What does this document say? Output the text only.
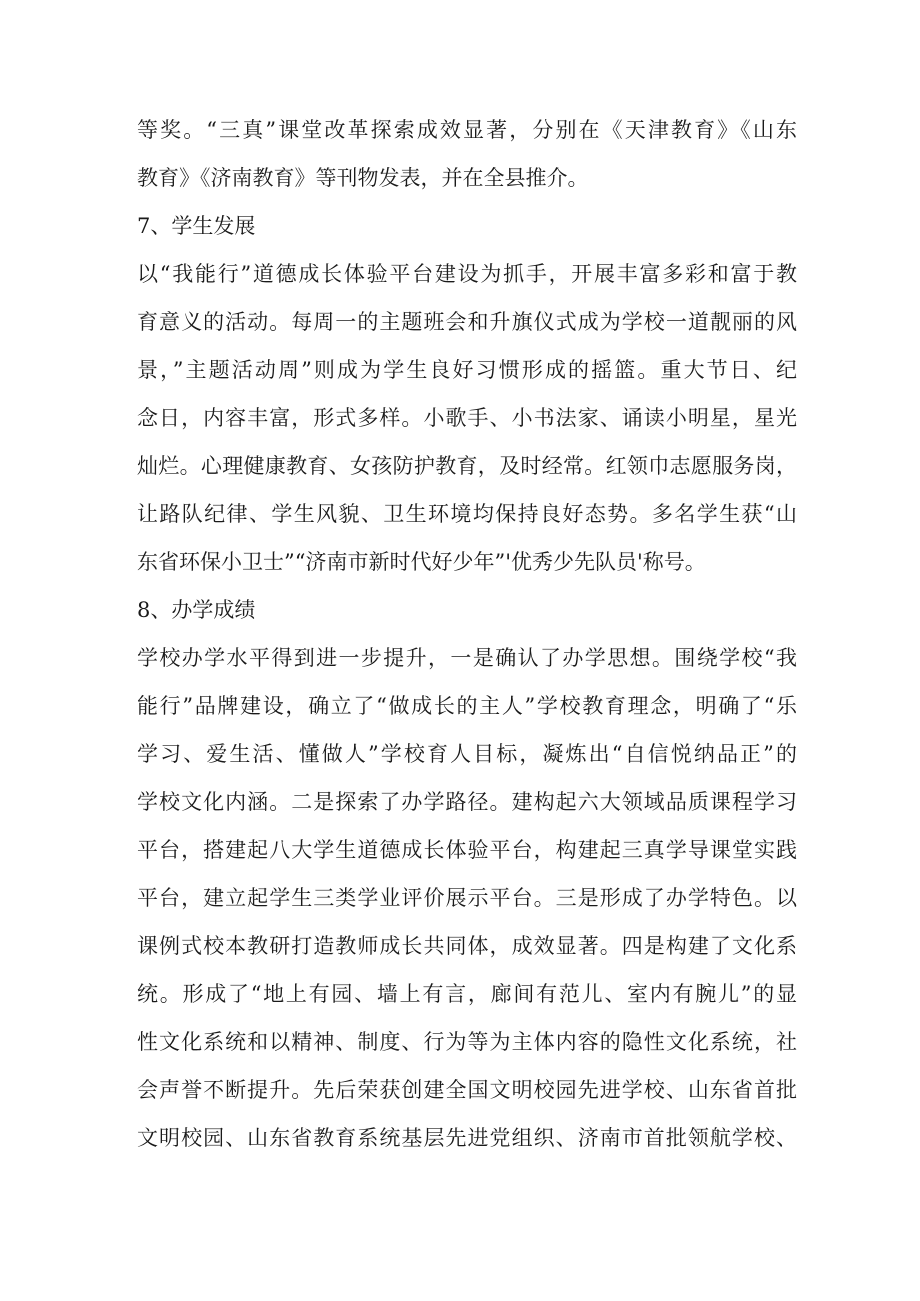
等奖。“三真”课堂改革探索成效显著，分别在《天津教育》《山东
教育》《济南教育》等刊物发表，并在全县推介。
7、学生发展
以“我能行”道德成长体验平台建设为抓手，开展丰富多彩和富于教
育意义的活动。每周一的主题班会和升旗仪式成为学校一道靓丽的风
景，”主题活动周”则成为学生良好习惯形成的摇篮。重大节日、纪
念日，内容丰富，形式多样。小歌手、小书法家、诵读小明星，星光
灿烂。心理健康教育、女孩防护教育，及时经常。红领巾志愿服务岗，
让路队纪律、学生风貌、卫生环境均保持良好态势。多名学生获“山
东省环保小卫士”“济南市新时代好少年”'优秀少先队员'称号。
8、办学成绩
学校办学水平得到进一步提升，一是确认了办学思想。围绕学校“我
能行”品牌建设，确立了“做成长的主人”学校教育理念，明确了“乐
学习、爱生活、懂做人”学校育人目标，凝炼出“自信悦纳品正”的
学校文化内涵。二是探索了办学路径。建构起六大领域品质课程学习
平台，搭建起八大学生道德成长体验平台，构建起三真学导课堂实践
平台，建立起学生三类学业评价展示平台。三是形成了办学特色。以
课例式校本教研打造教师成长共同体，成效显著。四是构建了文化系
统。形成了“地上有园、墙上有言，廊间有范儿、室内有腕儿”的显
性文化系统和以精神、制度、行为等为主体内容的隐性文化系统，社
会声誉不断提升。先后荣获创建全国文明校园先进学校、山东省首批
文明校园、山东省教育系统基层先进党组织、济南市首批领航学校、
